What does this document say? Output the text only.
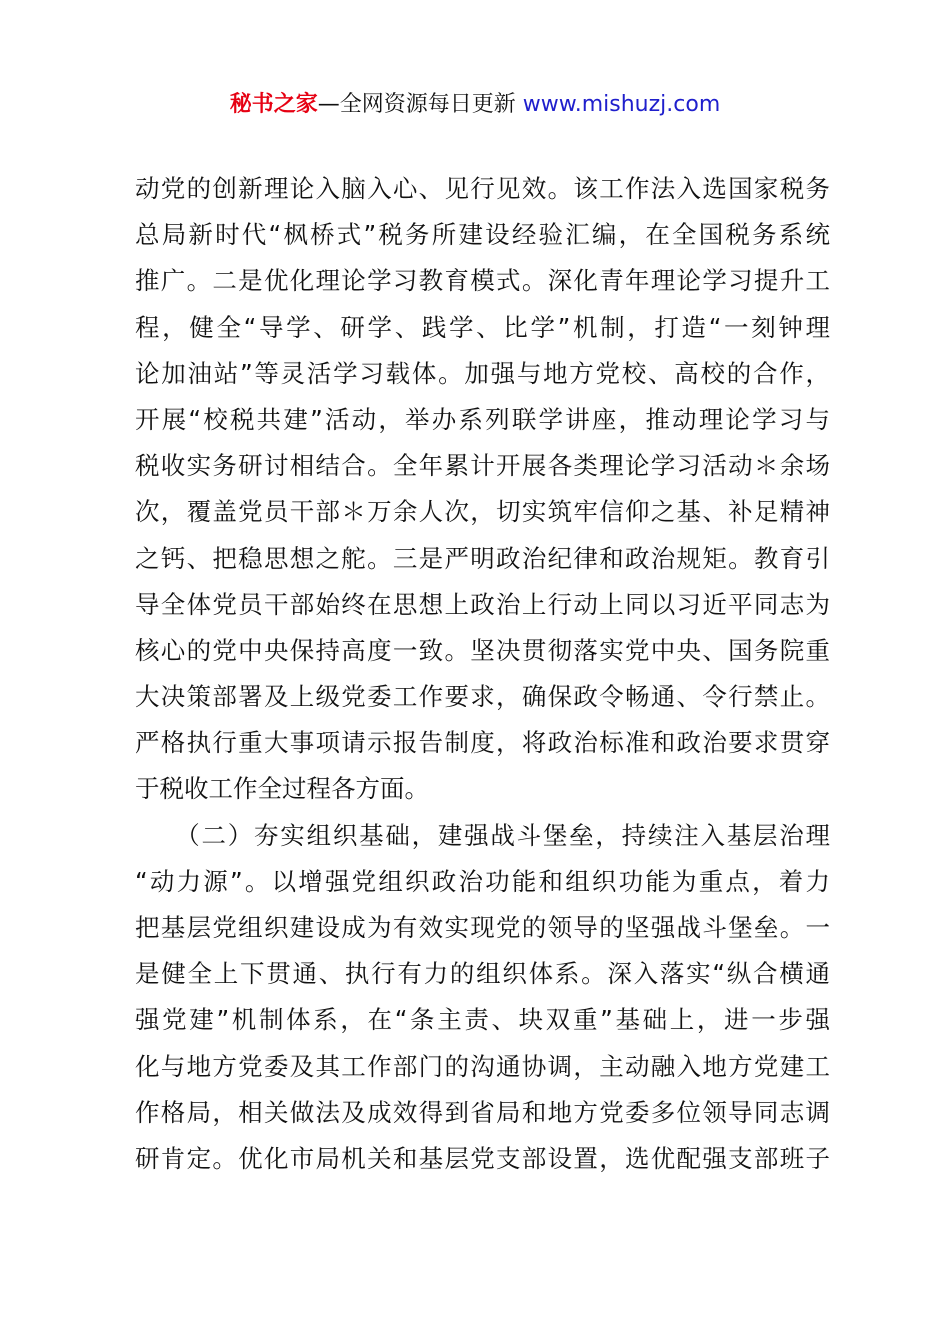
秘书之家—全网资源每日更新 www.mishuzj.com
动党的创新理论入脑入心、见行见效。该工作法入选国家税务
总局新时代“枫桥式”税务所建设经验汇编，在全国税务系统
推广。二是优化理论学习教育模式。深化青年理论学习提升工
程，健全“导学、研学、践学、比学”机制，打造“一刻钟理
论加油站”等灵活学习载体。加强与地方党校、高校的合作，
开展“校税共建”活动，举办系列联学讲座，推动理论学习与
税收实务研讨相结合。全年累计开展各类理论学习活动＊余场
次，覆盖党员干部＊万余人次，切实筑牢信仰之基、补足精神
之钙、把稳思想之舵。三是严明政治纪律和政治规矩。教育引
导全体党员干部始终在思想上政治上行动上同以习近平同志为
核心的党中央保持高度一致。坚决贯彻落实党中央、国务院重
大决策部署及上级党委工作要求，确保政令畅通、令行禁止。
严格执行重大事项请示报告制度，将政治标准和政治要求贯穿
于税收工作全过程各方面。
　　（二）夯实组织基础，建强战斗堡垒，持续注入基层治理
“动力源”。以增强党组织政治功能和组织功能为重点，着力
把基层党组织建设成为有效实现党的领导的坚强战斗堡垒。一
是健全上下贯通、执行有力的组织体系。深入落实“纵合横通
强党建”机制体系，在“条主责、块双重”基础上，进一步强
化与地方党委及其工作部门的沟通协调，主动融入地方党建工
作格局，相关做法及成效得到省局和地方党委多位领导同志调
研肯定。优化市局机关和基层党支部设置，选优配强支部班子
